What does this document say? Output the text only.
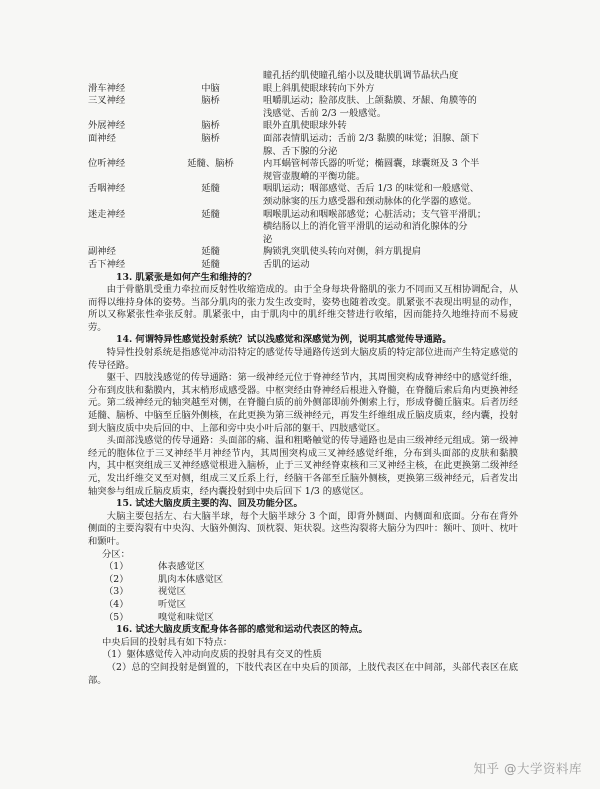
瞳孔括约肌使瞳孔缩小以及睫状肌调节晶状凸度
滑车神经	中脑	眼上斜肌使眼球转向下外方
三叉神经	脑桥	咀嚼肌运动；脸部皮肤、上颌黏膜、牙龈、角膜等的
浅感觉、舌前 2/3 一般感觉。
外展神经	脑桥	眼外直肌使眼球外转
面神经	脑桥	面部表情肌运动；舌前 2/3 黏膜的味觉；泪腺、颌下
腺、舌下腺的分泌
位听神经	延髓、脑桥	内耳蜗管柯蒂氏器的听觉；椭圆囊，球囊斑及 3 个半
规管壶腹嵴的平衡功能。
舌咽神经	延髓	咽肌运动；咽部感觉、舌后 1/3 的味觉和一般感觉、
颈动脉窦的压力感受器和颈动脉体的化学器的感觉。
迷走神经	延髓	咽喉肌运动和咽喉部感觉；心脏活动；支气管平滑肌；
横结肠以上的消化管平滑肌的运动和消化腺体的分
泌
副神经	延髓	胸锁乳突肌使头转向对侧，斜方肌提肩
舌下神经	延髓	舌肌的运动
13. 肌紧张是如何产生和维持的？
由于骨骼肌受重力牵拉而反射性收缩造成的。由于全身每块骨骼肌的张力不同而又互相协调配合，从而得以维持身体的姿势。当部分肌肉的张力发生改变时，姿势也随着改变。肌紧张不表现出明显的动作，所以又称紧张性牵张反射。肌紧张中，由于肌肉中的肌纤维交替进行收缩，因而能持久地维持而不易疲劳。
14. 何谓特异性感觉投射系统？试以浅感觉和深感觉为例，说明其感觉传导通路。
特异性投射系统是指感觉冲动沿特定的感觉传导通路传送到大脑皮质的特定部位进而产生特定感觉的传导径路。
躯干、四肢浅感觉的传导通路：第一级神经元位于脊神经节内，其周围突构成脊神经中的感觉纤维，分布到皮肤和黏膜内，其末梢形成感受器。中枢突经由脊神经后根进入脊髓，在脊髓后索后角内更换神经元。第二级神经元的轴突越至对侧，在脊髓白质的前外侧部即前外侧索上行，形成脊髓丘脑束。后者历经延髓、脑桥、中脑至丘脑外侧核，在此更换为第三级神经元，再发生纤维组成丘脑皮质束，经内囊，投射到大脑皮质中央后回的中、上部和旁中央小叶后部的躯干、四肢感觉区。
头面部浅感觉的传导通路：头面部的痛、温和粗略触觉的传导通路也是由三级神经元组成。第一级神经元的胞体位于三叉神经半月神经节内，其周围突构成三叉神经感觉纤维，分布到头面部的皮肤和黏膜内，其中枢突组成三叉神经感觉根进入脑桥，止于三叉神经脊束核和三叉神经主核，在此更换第二级神经元，发出纤维交叉至对侧，组成三叉丘系上行，经脑干各部至丘脑外侧核，更换第三级神经元，后者发出轴突参与组成丘脑皮质束，经内囊投射到中央后回下 1/3 的感觉区。
15. 试述大脑皮质主要的沟、回及功能分区。
大脑主要包括左、右大脑半球，每个大脑半球分 3 个面，即背外侧面、内侧面和底面。分布在背外侧面的主要沟裂有中央沟、大脑外侧沟、顶枕裂、矩状裂。这些沟裂将大脑分为四叶：额叶、顶叶、枕叶和颞叶。
分区：
（1）	体表感觉区
（2）	肌肉本体感觉区
（3）	视觉区
（4）	听觉区
（5）	嗅觉和味觉区
16. 试述大脑皮质支配身体各部的感觉和运动代表区的特点。
中央后回的投射具有如下特点：
（1）躯体感觉传入冲动向皮质的投射具有交叉的性质
（2）总的空间投射是倒置的，下肢代表区在中央后的顶部，上肢代表区在中间部，头部代表区在底部。
知乎 @大学资料库
